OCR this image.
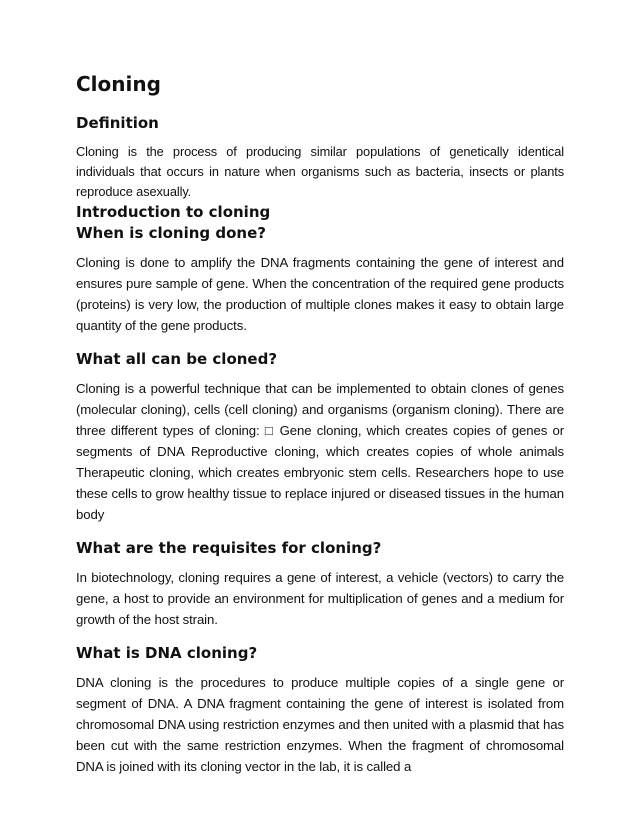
Cloning
Definition

Cloning is the process of producing similar populations of genetically identical individuals that occurs in nature when organisms such as bacteria, insects or plants reproduce asexually.

Introduction to cloning
When is cloning done?

Cloning is done to amplify the DNA fragments containing the gene of interest and ensures pure sample of gene. When the concentration of the required gene products (proteins) is very low, the production of multiple clones makes it easy to obtain large quantity of the gene products.

What all can be cloned?

Cloning is a powerful technique that can be implemented to obtain clones of genes (molecular cloning), cells (cell cloning) and organisms (organism cloning). There are three different types of cloning: □ Gene cloning, which creates copies of genes or segments of DNA Reproductive cloning, which creates copies of whole animals Therapeutic cloning, which creates embryonic stem cells. Researchers hope to use these cells to grow healthy tissue to replace injured or diseased tissues in the human body

What are the requisites for cloning?

In biotechnology, cloning requires a gene of interest, a vehicle (vectors) to carry the gene, a host to provide an environment for multiplication of genes and a medium for growth of the host strain.

What is DNA cloning?

DNA cloning is the procedures to produce multiple copies of a single gene or segment of DNA. A DNA fragment containing the gene of interest is isolated from chromosomal DNA using restriction enzymes and then united with a plasmid that has been cut with the same restriction enzymes. When the fragment of chromosomal DNA is joined with its cloning vector in the lab, it is called a
